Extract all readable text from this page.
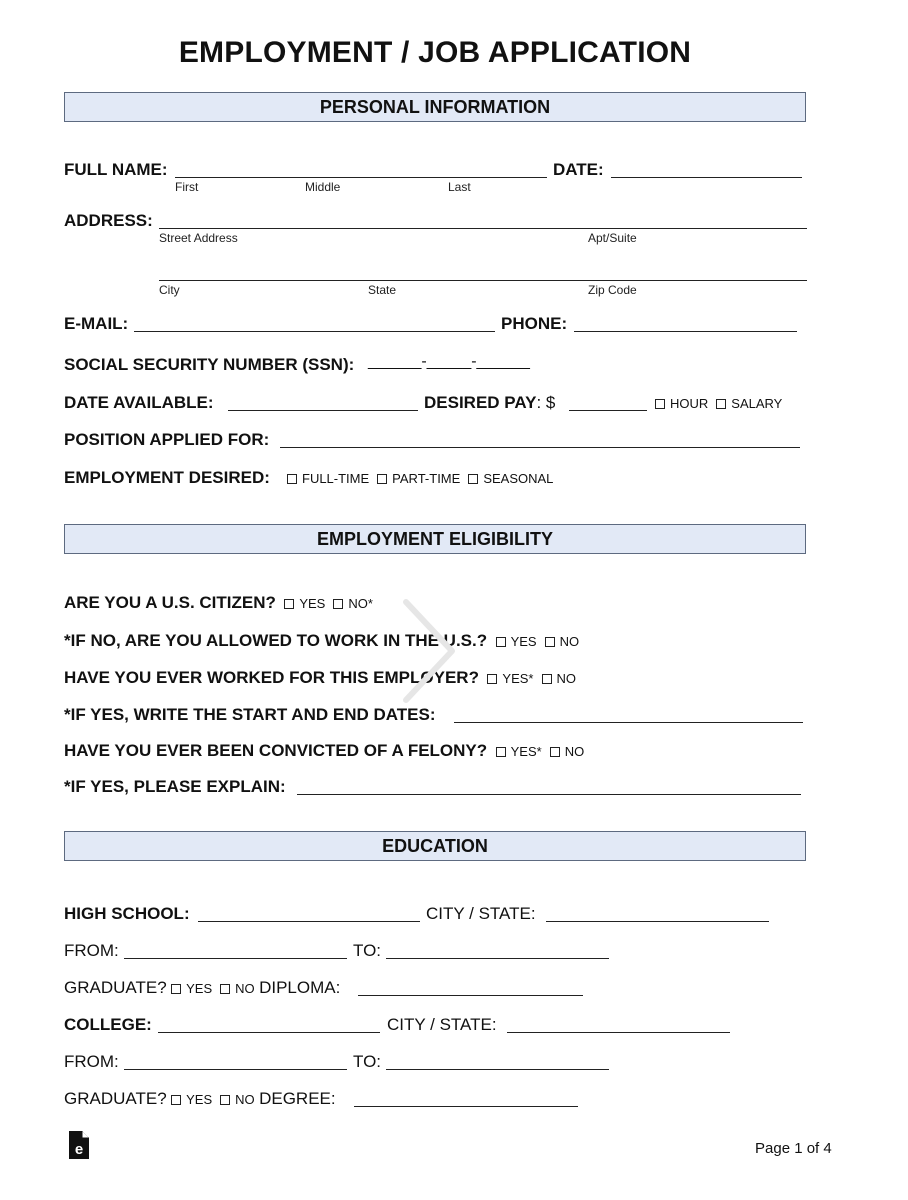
EMPLOYMENT / JOB APPLICATION
PERSONAL INFORMATION
FULL NAME:
First	Middle	Last
DATE:
ADDRESS:
Street Address	Apt/Suite
City	State	Zip Code
E-MAIL:	PHONE:
SOCIAL SECURITY NUMBER (SSN): ______-_____-______
DATE AVAILABLE:	DESIRED PAY: $	HOUR SALARY
POSITION APPLIED FOR:
EMPLOYMENT DESIRED:	FULL-TIME PART-TIME SEASONAL
EMPLOYMENT ELIGIBILITY
ARE YOU A U.S. CITIZEN? YES NO*
*IF NO, ARE YOU ALLOWED TO WORK IN THE U.S.? YES NO
HAVE YOU EVER WORKED FOR THIS EMPLOYER? YES* NO
*IF YES, WRITE THE START AND END DATES:
HAVE YOU EVER BEEN CONVICTED OF A FELONY? YES* NO
*IF YES, PLEASE EXPLAIN:
EDUCATION
HIGH SCHOOL:	CITY / STATE:
FROM:	TO:
GRADUATE? YES NO DIPLOMA:
COLLEGE:	CITY / STATE:
FROM:	TO:
GRADUATE? YES NO DEGREE:
e	Page 1 of 4
